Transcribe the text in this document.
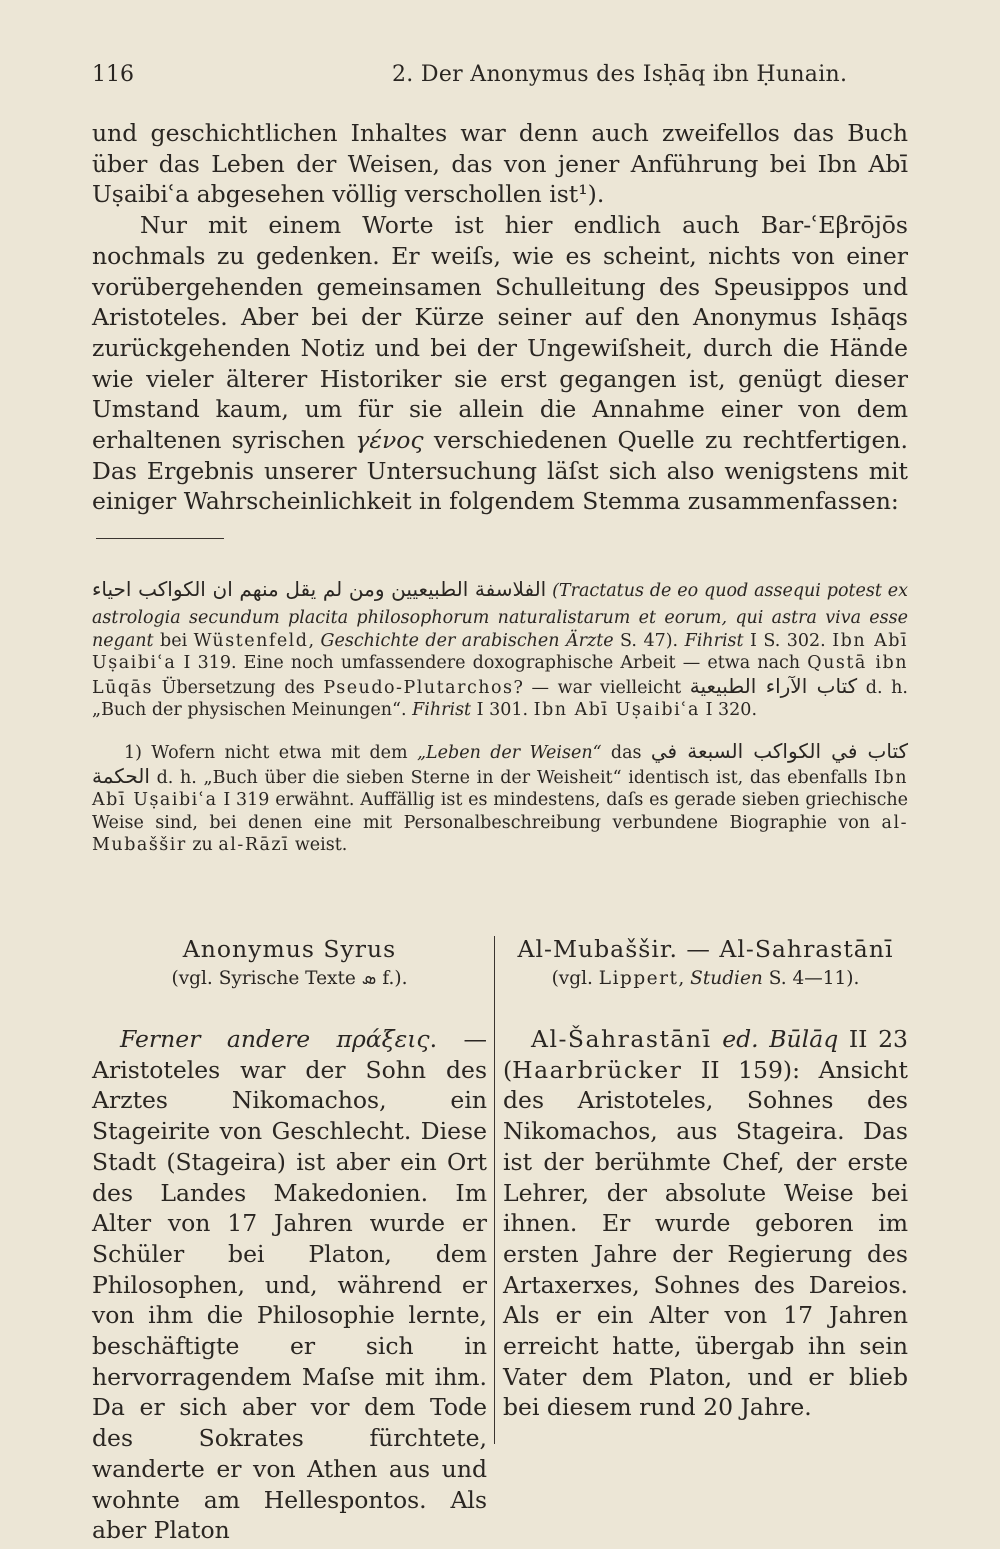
116	2. Der Anonymus des Isḥāq ibn Ḥunain.

und geschichtlichen Inhaltes war denn auch zweifellos das Buch über das Leben der Weisen, das von jener Anführung bei Ibn Abī Uṣaibiʿa abgesehen völlig verschollen ist¹).

Nur mit einem Worte ist hier endlich auch Bar-ʿEβrōjōs nochmals zu gedenken. Er weiſs, wie es scheint, nichts von einer vorübergehenden gemeinsamen Schulleitung des Speusippos und Aristoteles. Aber bei der Kürze seiner auf den Anonymus Isḥāqs zurückgehenden Notiz und bei der Ungewiſsheit, durch die Hände wie vieler älterer Historiker sie erst gegangen ist, genügt dieser Umstand kaum, um für sie allein die Annahme einer von dem erhaltenen syrischen γένος verschiedenen Quelle zu rechtfertigen. Das Ergebnis unserer Untersuchung läſst sich also wenigstens mit einiger Wahrscheinlichkeit in folgendem Stemma zusammenfassen:

الفلاسفة الطبيعيين ومن لم يقل منهم ان الكواكب احياء (Tractatus de eo quod assequi potest ex astrologia secundum placita philosophorum naturalistarum et eorum, qui astra viva esse negant bei Wüstenfeld, Geschichte der arabischen Ärzte S. 47). Fihrist I S. 302. Ibn Abī Uṣaibiʿa I 319. Eine noch umfassendere doxographische Arbeit — etwa nach Qustā ibn Lūqās Übersetzung des Pseudo-Plutarchos? — war vielleicht كتاب الآراء الطبيعية d. h. „Buch der physischen Meinungen“. Fihrist I 301. Ibn Abī Uṣaibiʿa I 320.

1) Wofern nicht etwa mit dem „Leben der Weisen“ das كتاب في الكواكب السبعة في الحكمة d. h. „Buch über die sieben Sterne in der Weisheit“ identisch ist, das ebenfalls Ibn Abī Uṣaibiʿa I 319 erwähnt. Auffällig ist es mindestens, daſs es gerade sieben griechische Weise sind, bei denen eine mit Personalbeschreibung verbundene Biographie von al-Mubaššir zu al-Rāzī weist.

Anonymus Syrus
(vgl. Syrische Texte ܣ f.).

Ferner andere πράξεις. — Aristoteles war der Sohn des Arztes Nikomachos, ein Stageirite von Geschlecht. Diese Stadt (Stageira) ist aber ein Ort des Landes Makedonien. Im Alter von 17 Jahren wurde er Schüler bei Platon, dem Philosophen, und, während er von ihm die Philosophie lernte, beschäftigte er sich in hervorragendem Maſse mit ihm. Da er sich aber vor dem Tode des Sokrates fürchtete, wanderte er von Athen aus und wohnte am Hellespontos. Als aber Platon

Al-Mubaššir. — Al-Sahrastānī
(vgl. Lippert, Studien S. 4—11).

Al-Šahrastānī ed. Būlāq II 23 (Haarbrücker II 159): Ansicht des Aristoteles, Sohnes des Nikomachos, aus Stageira. Das ist der berühmte Chef, der erste Lehrer, der absolute Weise bei ihnen. Er wurde geboren im ersten Jahre der Regierung des Artaxerxes, Sohnes des Dareios. Als er ein Alter von 17 Jahren erreicht hatte, übergab ihn sein Vater dem Platon, und er blieb bei diesem rund 20 Jahre.
